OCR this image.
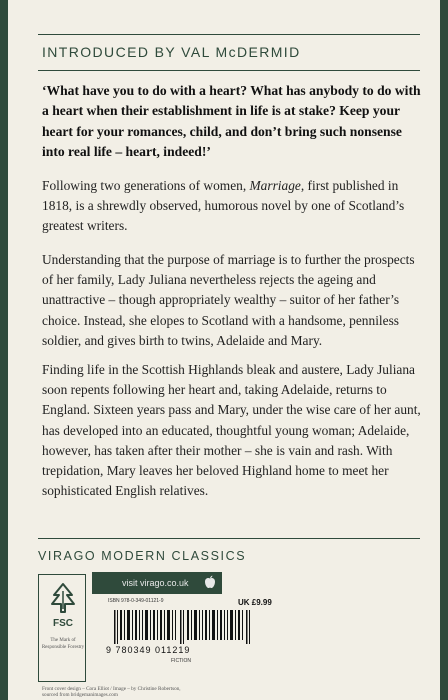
INTRODUCED BY VAL McDERMID
‘What have you to do with a heart? What has anybody to do with a heart when their establishment in life is at stake? Keep your heart for your romances, child, and don’t bring such nonsense into real life – heart, indeed!’
Following two generations of women, Marriage, first published in 1818, is a shrewdly observed, humorous novel by one of Scotland’s greatest writers.
Understanding that the purpose of marriage is to further the prospects of her family, Lady Juliana nevertheless rejects the ageing and unattractive – though appropriately wealthy – suitor of her father’s choice. Instead, she elopes to Scotland with a handsome, penniless soldier, and gives birth to twins, Adelaide and Mary.
Finding life in the Scottish Highlands bleak and austere, Lady Juliana soon repents following her heart and, taking Adelaide, returns to England. Sixteen years pass and Mary, under the wise care of her aunt, has developed into an educated, thoughtful young woman; Adelaide, however, has taken after their mother – she is vain and rash. With trepidation, Mary leaves her beloved Highland home to meet her sophisticated English relatives.
VIRAGO MODERN CLASSICS
FSC
The Mark of Responsible Forestry
visit virago.co.uk
ISBN 978-0-349-01121-9	UK £9.99
9 780349 011219
FICTION
Front cover design – Cora Elliot / Image – by Christine Robertson,
sourced from bridgemanimages.com
